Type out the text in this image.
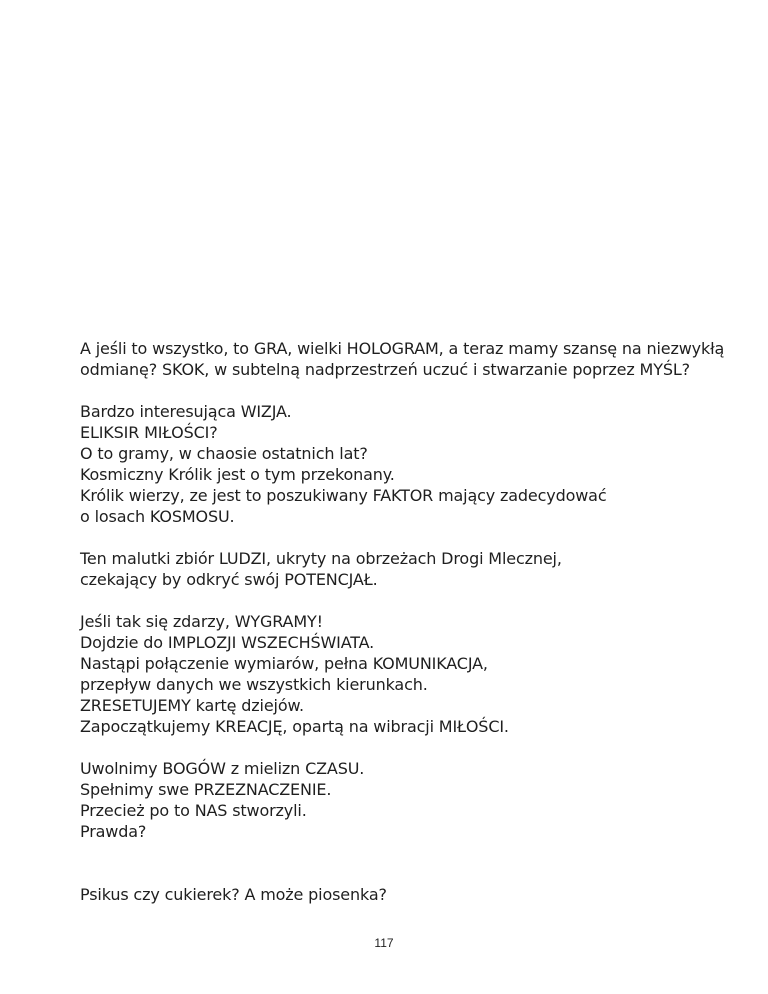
A jeśli to wszystko, to GRA, wielki HOLOGRAM, a teraz mamy szansę na niezwykłą
odmianę? SKOK, w subtelną nadprzestrzeń uczuć i stwarzanie poprzez MYŚL?
Bardzo interesująca WIZJA.
ELIKSIR MIŁOŚCI?
O to gramy, w chaosie ostatnich lat?
Kosmiczny Królik jest o tym przekonany.
Królik wierzy, ze jest to poszukiwany FAKTOR mający zadecydować
o losach KOSMOSU.
Ten malutki zbiór LUDZI, ukryty na obrzeżach Drogi Mlecznej,
czekający by odkryć swój POTENCJAŁ.
Jeśli tak się zdarzy, WYGRAMY!
Dojdzie do IMPLOZJI WSZECHŚWIATA.
Nastąpi połączenie wymiarów, pełna KOMUNIKACJA,
przepływ danych we wszystkich kierunkach.
ZRESETUJEMY kartę dziejów.
Zapoczątkujemy KREACJĘ, opartą na wibracji MIŁOŚCI.
Uwolnimy BOGÓW z mielizn CZASU.
Spełnimy swe PRZEZNACZENIE.
Przecież po to NAS stworzyli.
Prawda?
Psikus czy cukierek? A może piosenka?
117
